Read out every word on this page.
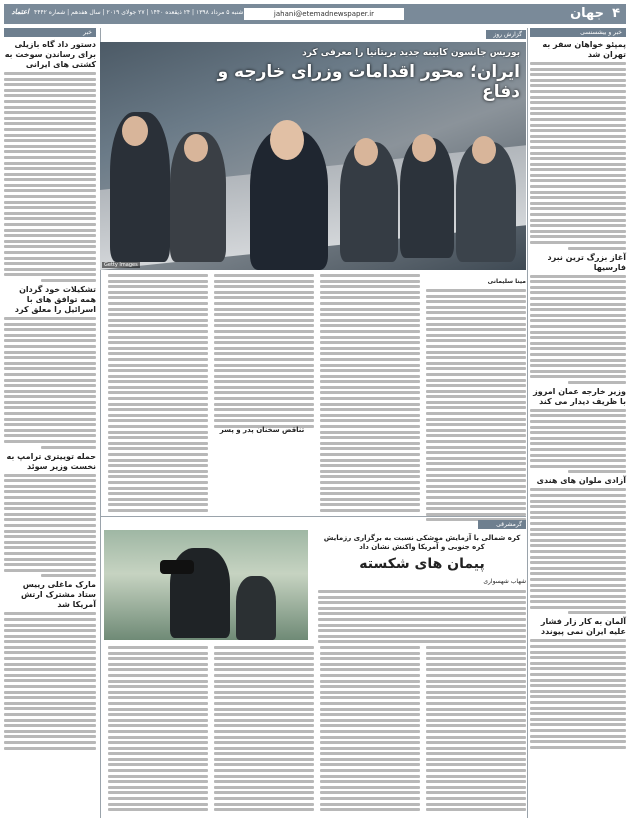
۴
جهان
jahani@etemadnewspaper.ir
شنبه ۵ مرداد ۱۳۹۸ | ۲۴ ذیقعده ۱۴۴۰ | ۲۷ جولای ۲۰۱۹ | سال هفدهم | شماره ۴۴۴۲
اعتماد
خبر و بیشسنسی
پمپئو خواهان سفر به تهران شد
آغاز بزرگ ترین نبرد فارسیها
وزیر خارجه عمان امروز با ظریف دیدار می کند
آزادی ملوان های هندی
آلمان به کار زار فشار علیه ایران نمی پیوندد
خبر
دستور داد گاه بازیلی برای رساندن سوخت به کشتی های ایرانی
تشکیلات خود گردان همه توافق های با اسرائیل را معلق کرد
حمله توییتری ترامپ به نخست وزیر سوئد
مارک ماغلی رییس ستاد مشترک ارتش آمریکا شد
گزارش روز
Getty Images
بوریس جانسون کابینه جدید بریتانیا را معرفی کرد
ایران؛ محور اقدامات وزرای خارجه و دفاع
مینا سلیمانی
تناقض سخنان پدر و پسر
گرمشرقی
کره شمالی با آزمایش موشکی نسبت به برگزاری رزمایش کره جنوبی و آمریکا واکنش نشان داد
پیمان های شکسته
شهاب شهسواری
